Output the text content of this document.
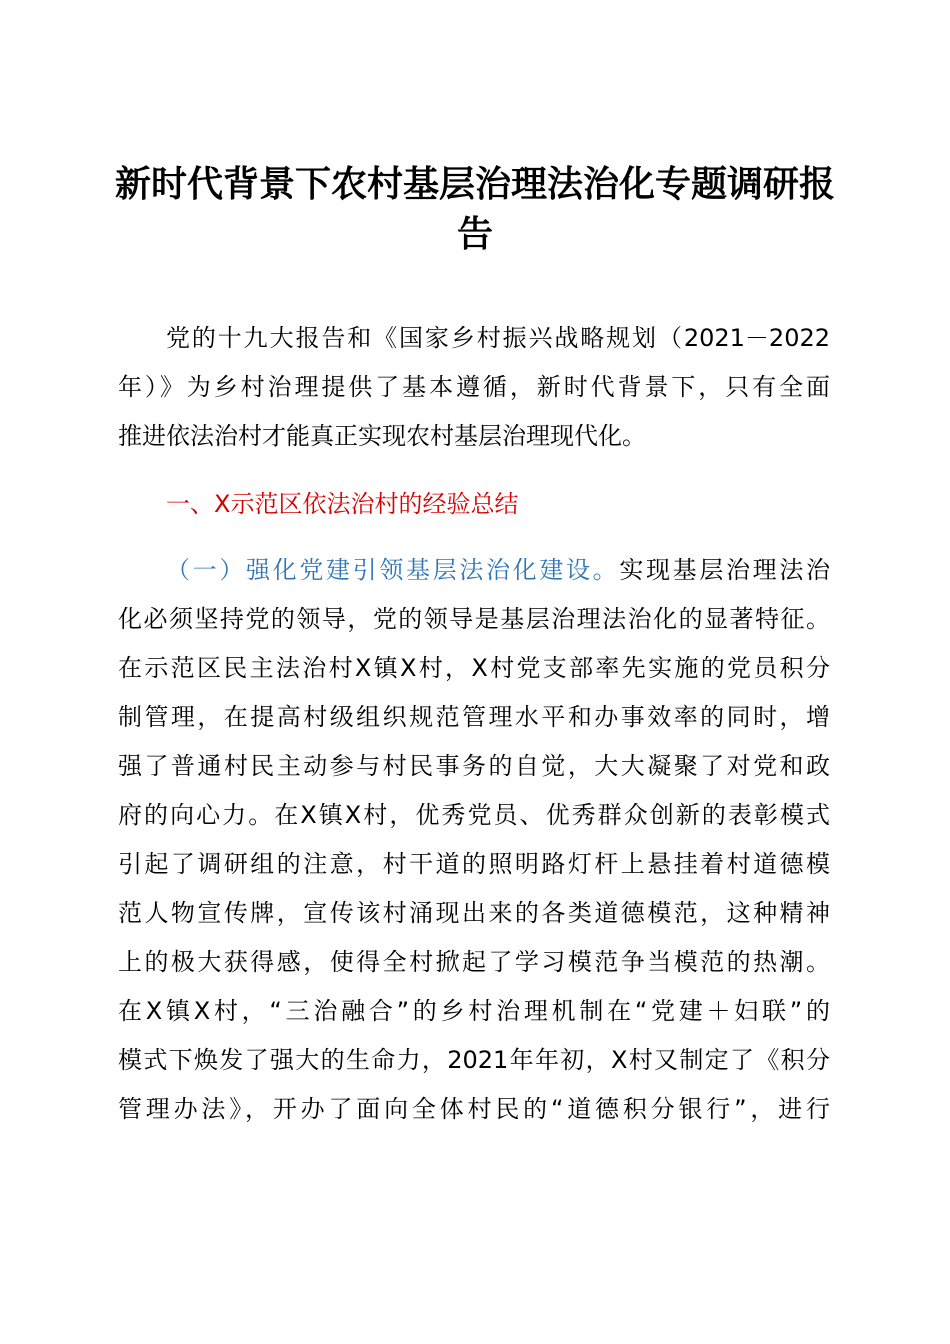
新时代背景下农村基层治理法治化专题调研报
告
党的十九大报告和《国家乡村振兴战略规划（2021－2022
年）》为乡村治理提供了基本遵循，新时代背景下，只有全面
推进依法治村才能真正实现农村基层治理现代化。
一、X示范区依法治村的经验总结
（一）强化党建引领基层法治化建设。实现基层治理法治
化必须坚持党的领导，党的领导是基层治理法治化的显著特征。
在示范区民主法治村X镇X村，X村党支部率先实施的党员积分
制管理，在提高村级组织规范管理水平和办事效率的同时，增
强了普通村民主动参与村民事务的自觉，大大凝聚了对党和政
府的向心力。在X镇X村，优秀党员、优秀群众创新的表彰模式
引起了调研组的注意，村干道的照明路灯杆上悬挂着村道德模
范人物宣传牌，宣传该村涌现出来的各类道德模范，这种精神
上的极大获得感，使得全村掀起了学习模范争当模范的热潮。
在X镇X村，“三治融合”的乡村治理机制在“党建＋妇联”的
模式下焕发了强大的生命力，2021年年初，X村又制定了《积分
管理办法》，开办了面向全体村民的“道德积分银行”，进行
